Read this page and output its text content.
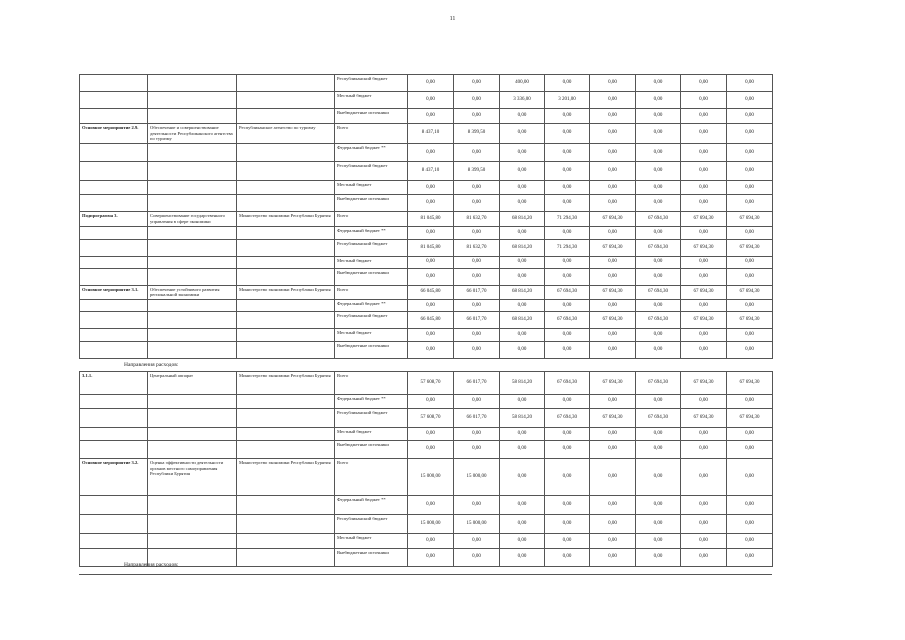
11
			Республиканский бюджет	0,00	0,00	400,00	0,00	0,00	0,00	0,00	0,00
			Местный бюджет	0,00	0,00	3 336,00	3 201,00	0,00	0,00	0,00	0,00
			Внебюджетные источники	0,00	0,00	0,00	0,00	0,00	0,00	0,00	0,00
Основное мероприятие 2.9.	Обеспечение и совершенствование деятельности Республиканского агентства по туризму	Республиканское агентство по туризму	Всего	8 437,10	8 399,50	0,00	0,00	0,00	0,00	0,00	0,00
			Федеральный бюджет **	0,00	0,00	0,00	0,00	0,00	0,00	0,00	0,00
			Республиканский бюджет	8 437,10	8 399,50	0,00	0,00	0,00	0,00	0,00	0,00
			Местный бюджет	0,00	0,00	0,00	0,00	0,00	0,00	0,00	0,00
			Внебюджетные источники	0,00	0,00	0,00	0,00	0,00	0,00	0,00	0,00
Подпрограмма 3.	Совершенствование государственного управления в сфере экономики	Министерство экономики Республики Бурятия	Всего	81 045,80	81 632,70	68 814,20	71 294,30	67 694,30	67 694,30	67 694,30	67 694,30
			Федеральный бюджет **	0,00	0,00	0,00	0,00	0,00	0,00	0,00	0,00
			Республиканский бюджет	81 045,80	81 632,70	68 814,20	71 294,30	67 694,30	67 694,30	67 694,30	67 694,30
			Местный бюджет	0,00	0,00	0,00	0,00	0,00	0,00	0,00	0,00
			Внебюджетные источники	0,00	0,00	0,00	0,00	0,00	0,00	0,00	0,00
Основное мероприятие 3.1.	Обеспечение устойчивого развития региональной экономики	Министерство экономики Республики Бурятия	Всего	66 045,80	66 017,70	68 814,20	67 694,30	67 694,30	67 694,30	67 694,30	67 694,30
			Федеральный бюджет **	0,00	0,00	0,00	0,00	0,00	0,00	0,00	0,00
			Республиканский бюджет	66 045,80	66 017,70	68 814,20	67 694,30	67 694,30	67 694,30	67 694,30	67 694,30
			Местный бюджет	0,00	0,00	0,00	0,00	0,00	0,00	0,00	0,00
			Внебюджетные источники	0,00	0,00	0,00	0,00	0,00	0,00	0,00	0,00
Направления расходов:
3.1.1.	Центральный аппарат	Министерство экономики Республики Бурятия	Всего	57 608,70	66 017,70	58 814,20	67 694,30	67 694,30	67 694,30	67 694,30	67 694,30
			Федеральный бюджет **	0,00	0,00	0,00	0,00	0,00	0,00	0,00	0,00
			Республиканский бюджет	57 608,70	66 017,70	58 814,20	67 694,30	67 694,30	67 694,30	67 694,30	67 694,30
			Местный бюджет	0,00	0,00	0,00	0,00	0,00	0,00	0,00	0,00
			Внебюджетные источники	0,00	0,00	0,00	0,00	0,00	0,00	0,00	0,00
Основное мероприятие 3.2.	Оценка эффективности деятельности органов местного самоуправления Республики Бурятия	Министерство экономики Республики Бурятия	Всего	15 000,00	15 000,00	0,00	0,00	0,00	0,00	0,00	0,00
			Федеральный бюджет **	0,00	0,00	0,00	0,00	0,00	0,00	0,00	0,00
			Республиканский бюджет	15 000,00	15 000,00	0,00	0,00	0,00	0,00	0,00	0,00
			Местный бюджет	0,00	0,00	0,00	0,00	0,00	0,00	0,00	0,00
			Внебюджетные источники	0,00	0,00	0,00	0,00	0,00	0,00	0,00	0,00
Направления расходов:
